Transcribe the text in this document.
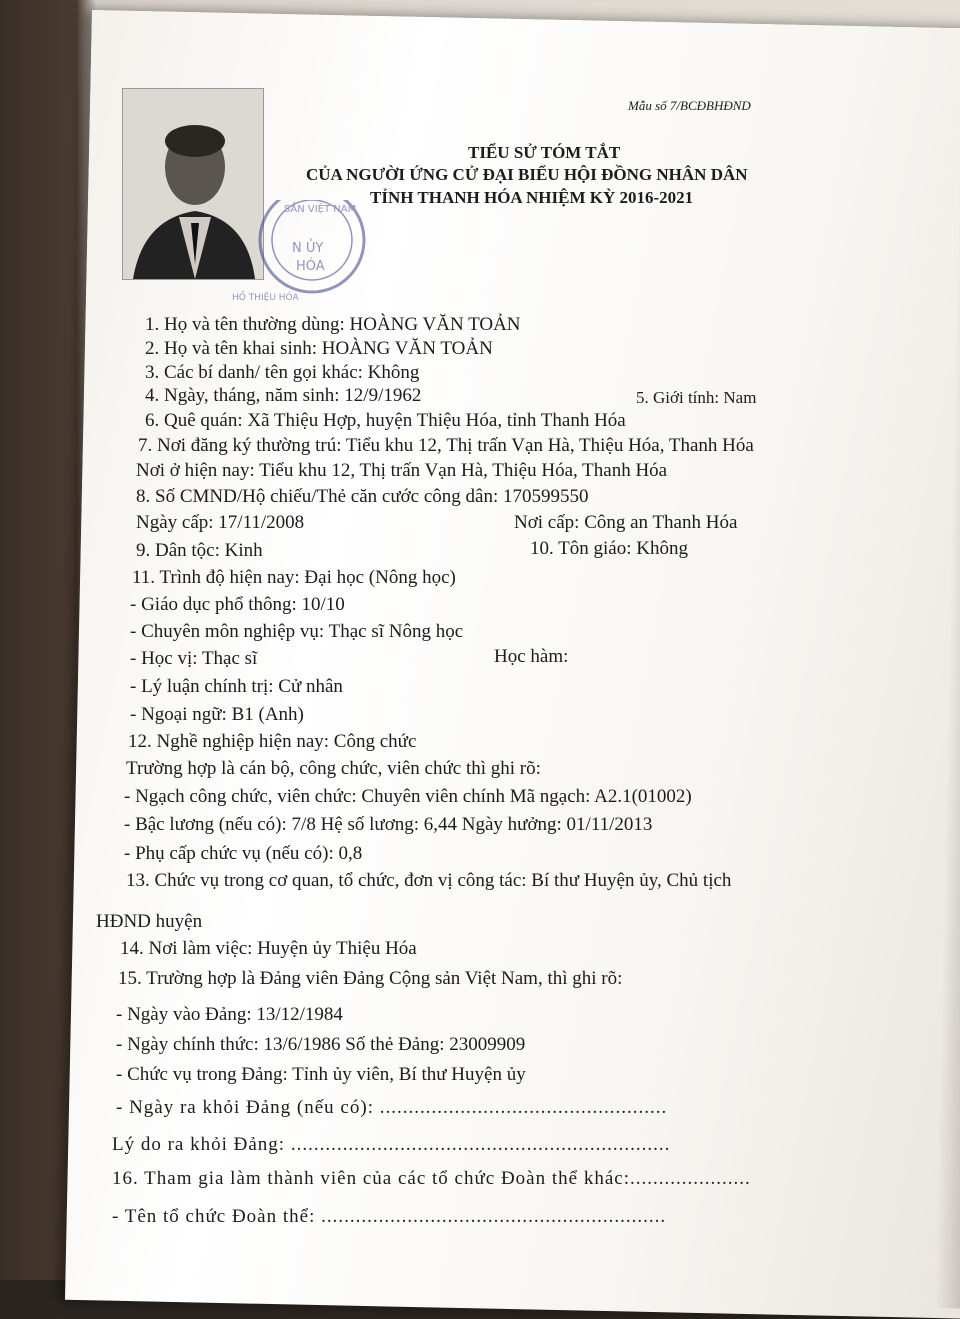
SẢN VIỆT NAM
N ỦY
HÓA
HỒ THIỆU HÓA
Mẫu số 7/BCĐBHĐND
TIỂU SỬ TÓM TẮT
CỦA NGƯỜI ỨNG CỬ ĐẠI BIỂU HỘI ĐỒNG NHÂN DÂN
TỈNH THANH HÓA NHIỆM KỲ 2016-2021
1. Họ và tên thường dùng: HOÀNG VĂN TOẢN
2. Họ và tên khai sinh: HOÀNG VĂN TOẢN
3. Các bí danh/ tên gọi khác: Không
4. Ngày, tháng, năm sinh: 12/9/1962	5. Giới tính: Nam
6. Quê quán: Xã Thiệu Hợp, huyện Thiệu Hóa, tỉnh Thanh Hóa
7. Nơi đăng ký thường trú: Tiểu khu 12, Thị trấn Vạn Hà, Thiệu Hóa, Thanh Hóa
Nơi ở hiện nay: Tiểu khu 12, Thị trấn Vạn Hà, Thiệu Hóa, Thanh Hóa
8. Số CMND/Hộ chiếu/Thẻ căn cước công dân: 170599550
Ngày cấp: 17/11/2008	Nơi cấp: Công an Thanh Hóa
9. Dân tộc: Kinh	10. Tôn giáo: Không
11. Trình độ hiện nay: Đại học (Nông học)
- Giáo dục phổ thông: 10/10
- Chuyên môn nghiệp vụ: Thạc sĩ Nông học
- Học vị: Thạc sĩ	Học hàm:
- Lý luận chính trị: Cử nhân
- Ngoại ngữ: B1 (Anh)
12. Nghề nghiệp hiện nay: Công chức
Trường hợp là cán bộ, công chức, viên chức thì ghi rõ:
- Ngạch công chức, viên chức: Chuyên viên chính Mã ngạch: A2.1(01002)
- Bậc lương (nếu có): 7/8 Hệ số lương: 6,44 Ngày hưởng: 01/11/2013
- Phụ cấp chức vụ (nếu có): 0,8
13. Chức vụ trong cơ quan, tổ chức, đơn vị công tác: Bí thư Huyện ủy, Chủ tịch
HĐND huyện
14. Nơi làm việc: Huyện ủy Thiệu Hóa
15. Trường hợp là Đảng viên Đảng Cộng sản Việt Nam, thì ghi rõ:
- Ngày vào Đảng: 13/12/1984
- Ngày chính thức: 13/6/1986 Số thẻ Đảng: 23009909
- Chức vụ trong Đảng: Tỉnh ủy viên, Bí thư Huyện ủy
- Ngày ra khỏi Đảng (nếu có): ..................................................
Lý do ra khỏi Đảng: ..................................................................
16. Tham gia làm thành viên của các tổ chức Đoàn thể khác:.....................
- Tên tổ chức Đoàn thể: ............................................................
